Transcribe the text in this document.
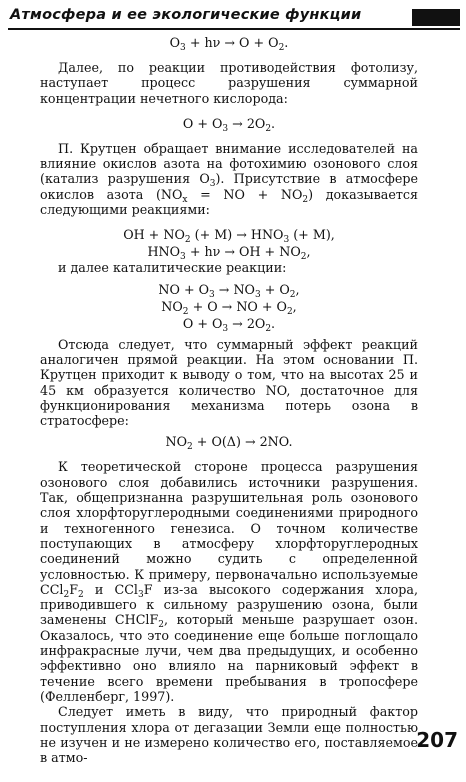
Атмосфера и ее экологические функции
$O_3 + h\nu \to O + O_2$.

Далее, по реакции противодействия фотолизу, наступает процесс разрушения суммарной концентрации нечетного кислорода:

$O + O_3 \to 2O_2$.

П. Крутцен обращает внимание исследователей на влияние окислов азота на фотохимию озонового слоя (катализ разрушения $O_3$). Присутствие в атмосфере окислов азота ($NO_x$ = NO + $NO_2$) доказывается следующими реакциями:

OH + $NO_2$ (+ $M) \to HNO_3$ (+ M),
$HNO_3 + h\nu$ → OH + $NO_2$,

и далее каталитические реакции:

NO + $O_3 \to NO_3 + O_2$,
$NO_2 + O$ → NO + $O_2$,
$O + O_3 \to 2O_2$.

Отсюда следует, что суммарный эффект реакций аналогичен прямой реакции. На этом основании П. Крутцен приходит к выводу о том, что на высотах 25 и 45 км образуется количество NO, достаточное для функционирования механизма потерь озона в стратосфере:

$NO_2 + O(\Delta) \to 2NO$.

К теоретической стороне процесса разрушения озонового слоя добавились источники разрушения. Так, общепризнанна разрушительная роль озонового слоя хлорфторуглеродными соединениями природного и техногенного генезиса. О точном количестве поступающих в атмосферу хлорфторуглеродных соединений можно судить с определенной условностью. К примеру, первоначально используемые $CCl_2F_2$ и CCl$_3$F из-за высокого содержания хлора, приводившего к сильному разрушению озона, были заменены CHClF$_2$, который меньше разрушает озон. Оказалось, что это соединение еще больше поглощало инфракрасные лучи, чем два предыдущих, и особенно эффективно оно влияло на парниковый эффект в течение всего времени пребывания в тропосфере (Фелленберг, 1997).

Следует иметь в виду, что природный фактор поступления хлора от дегазации Земли еще полностью не изучен и не измерено количество его, поставляемое в атмо-

207
